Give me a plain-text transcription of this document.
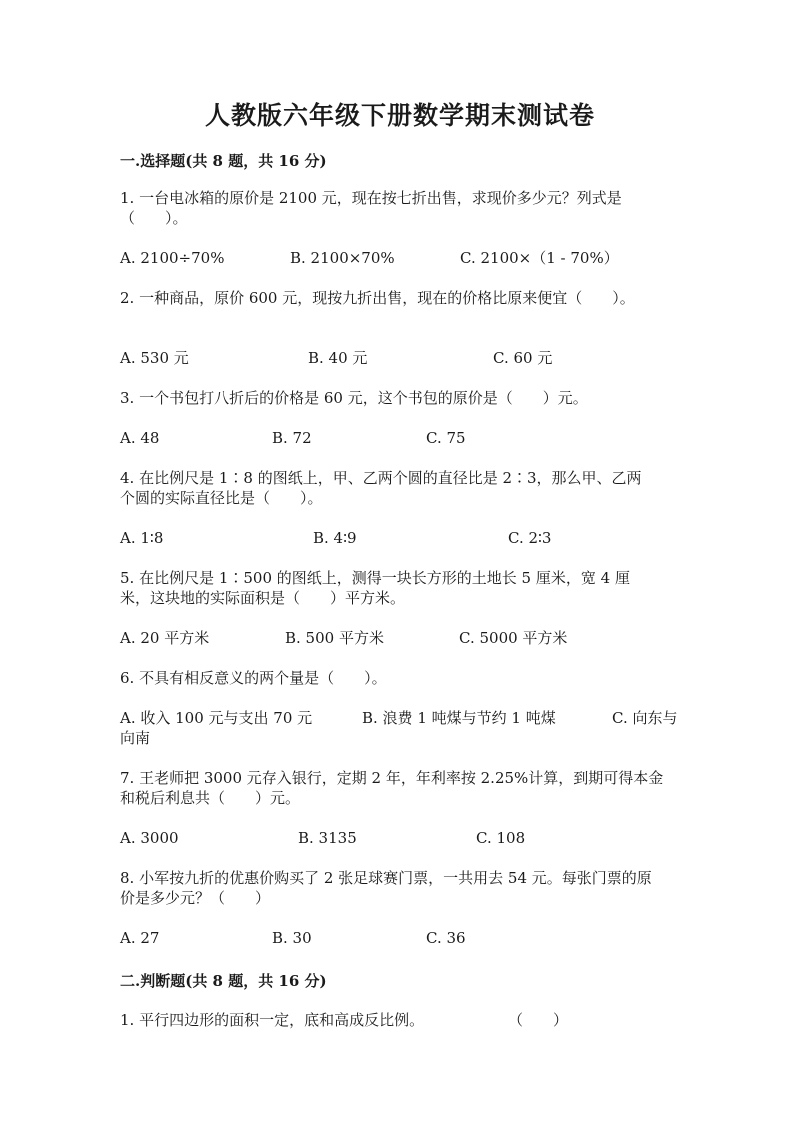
人教版六年级下册数学期末测试卷
一.选择题(共 8 题，共 16 分)
1. 一台电冰箱的原价是 2100 元，现在按七折出售，求现价多少元？列式是
（　　）。
A. 2100÷70%	B. 2100×70%	C. 2100×（1 - 70%）
2. 一种商品，原价 600 元，现按九折出售，现在的价格比原来便宜（　　）。
A. 530 元	B. 40 元	C. 60 元
3. 一个书包打八折后的价格是 60 元，这个书包的原价是（　　）元。
A. 48	B. 72	C. 75
4. 在比例尺是 1∶8 的图纸上，甲、乙两个圆的直径比是 2∶3，那么甲、乙两
个圆的实际直径比是（　　）。
A. 1∶8	B. 4∶9	C. 2∶3
5. 在比例尺是 1∶500 的图纸上，测得一块长方形的土地长 5 厘米，宽 4 厘
米，这块地的实际面积是（　　）平方米。
A. 20 平方米	B. 500 平方米	C. 5000 平方米
6. 不具有相反意义的两个量是（　　）。
A. 收入 100 元与支出 70 元	B. 浪费 1 吨煤与节约 1 吨煤	C. 向东与
向南
7. 王老师把 3000 元存入银行，定期 2 年，年利率按 2.25%计算，到期可得本金
和税后利息共（　　）元。
A. 3000	B. 3135	C. 108
8. 小军按九折的优惠价购买了 2 张足球赛门票，一共用去 54 元。每张门票的原
价是多少元？（　　）
A. 27	B. 30	C. 36
二.判断题(共 8 题，共 16 分)
1. 平行四边形的面积一定，底和高成反比例。	（　　）
